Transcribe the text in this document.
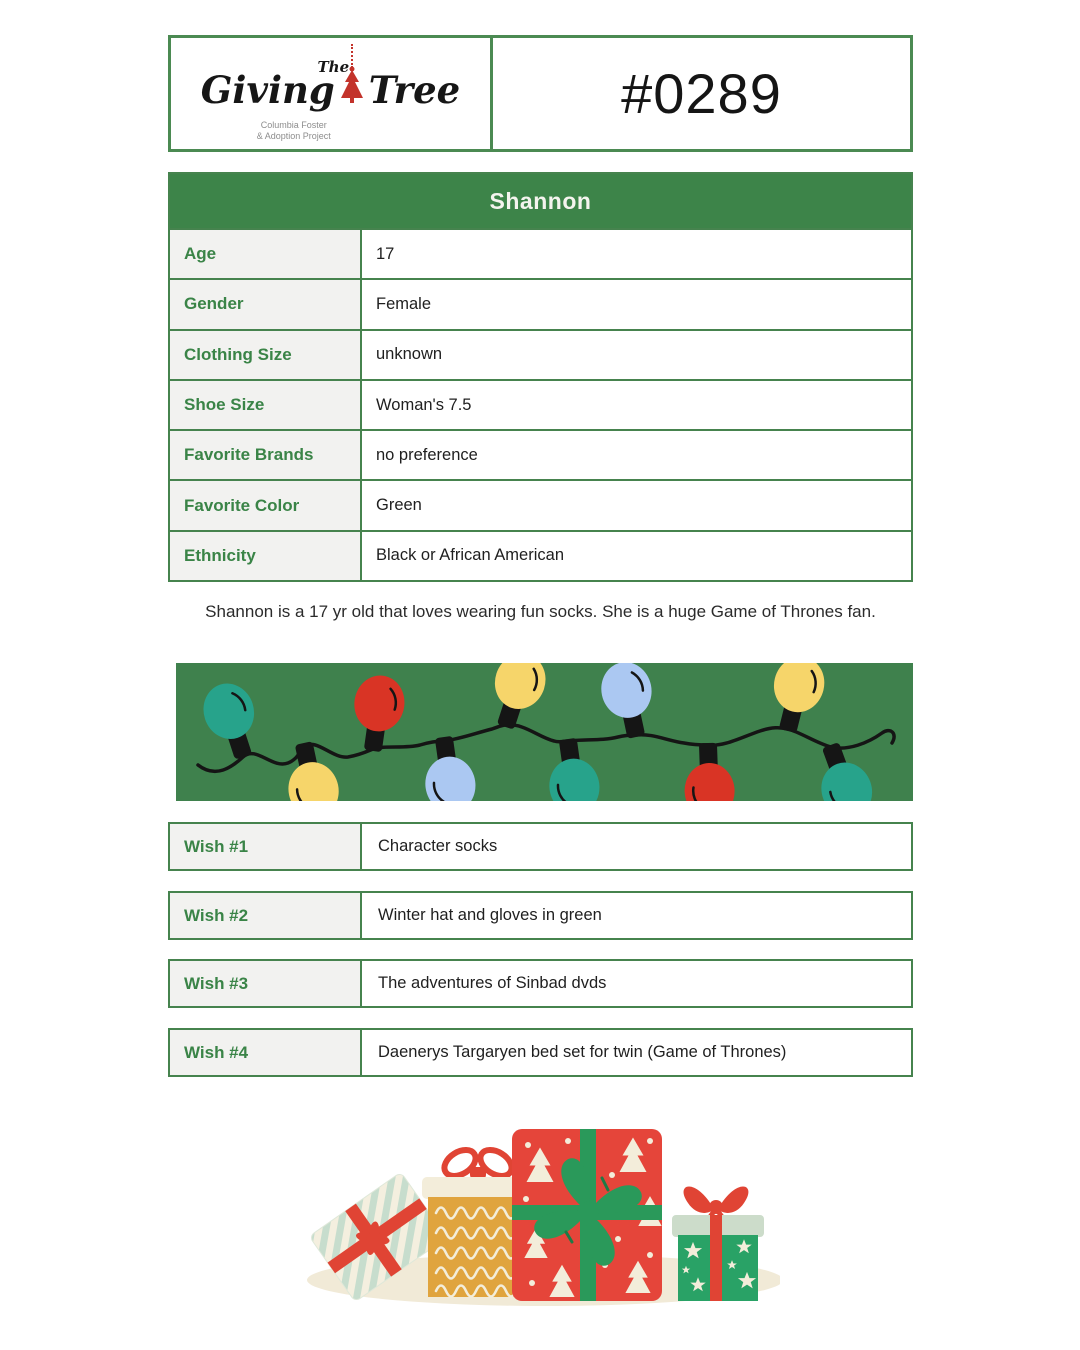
The
Giving Tree
Columbia Foster
& Adoption Project
#0289
Shannon
Age	17
Gender	Female
Clothing Size	unknown
Shoe Size	Woman's 7.5
Favorite Brands	no preference
Favorite Color	Green
Ethnicity	Black or African American

Shannon is a 17 yr old that loves wearing fun socks. She is a huge Game of Thrones fan.

Wish #1	Character socks
Wish #2	Winter hat and gloves in green
Wish #3	The adventures of Sinbad dvds
Wish #4	Daenerys Targaryen bed set for twin (Game of Thrones)
